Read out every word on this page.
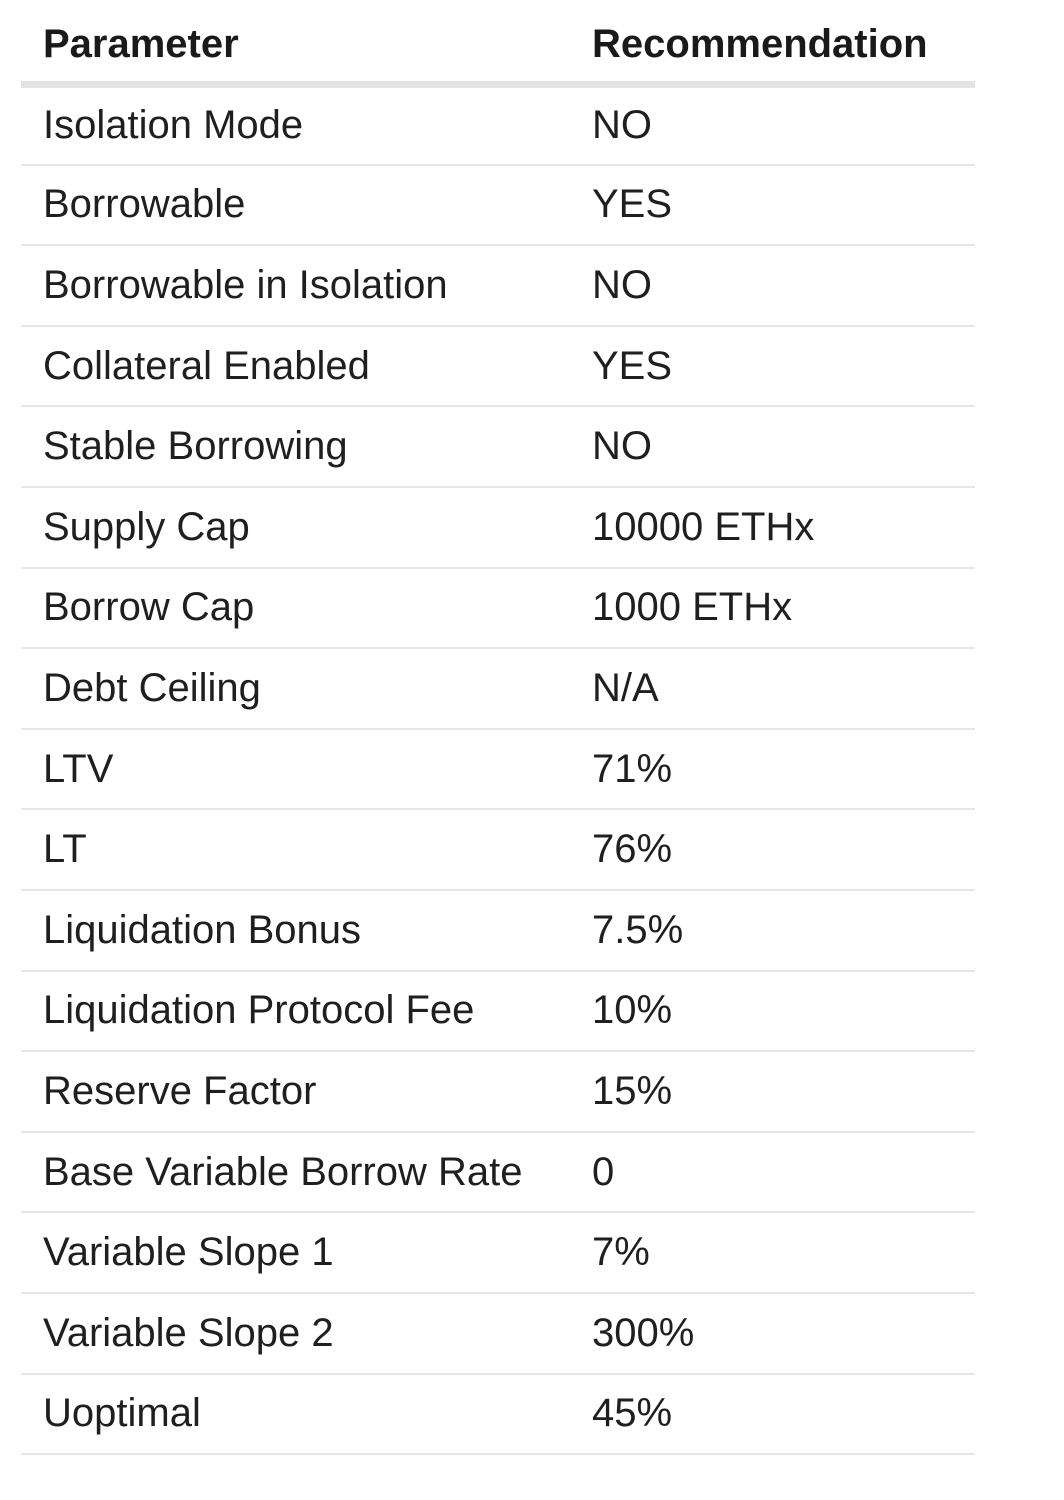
Parameter	Recommendation
Isolation Mode	NO
Borrowable	YES
Borrowable in Isolation	NO
Collateral Enabled	YES
Stable Borrowing	NO
Supply Cap	10000 ETHx
Borrow Cap	1000 ETHx
Debt Ceiling	N/A
LTV	71%
LT	76%
Liquidation Bonus	7.5%
Liquidation Protocol Fee	10%
Reserve Factor	15%
Base Variable Borrow Rate	0
Variable Slope 1	7%
Variable Slope 2	300%
Uoptimal	45%
